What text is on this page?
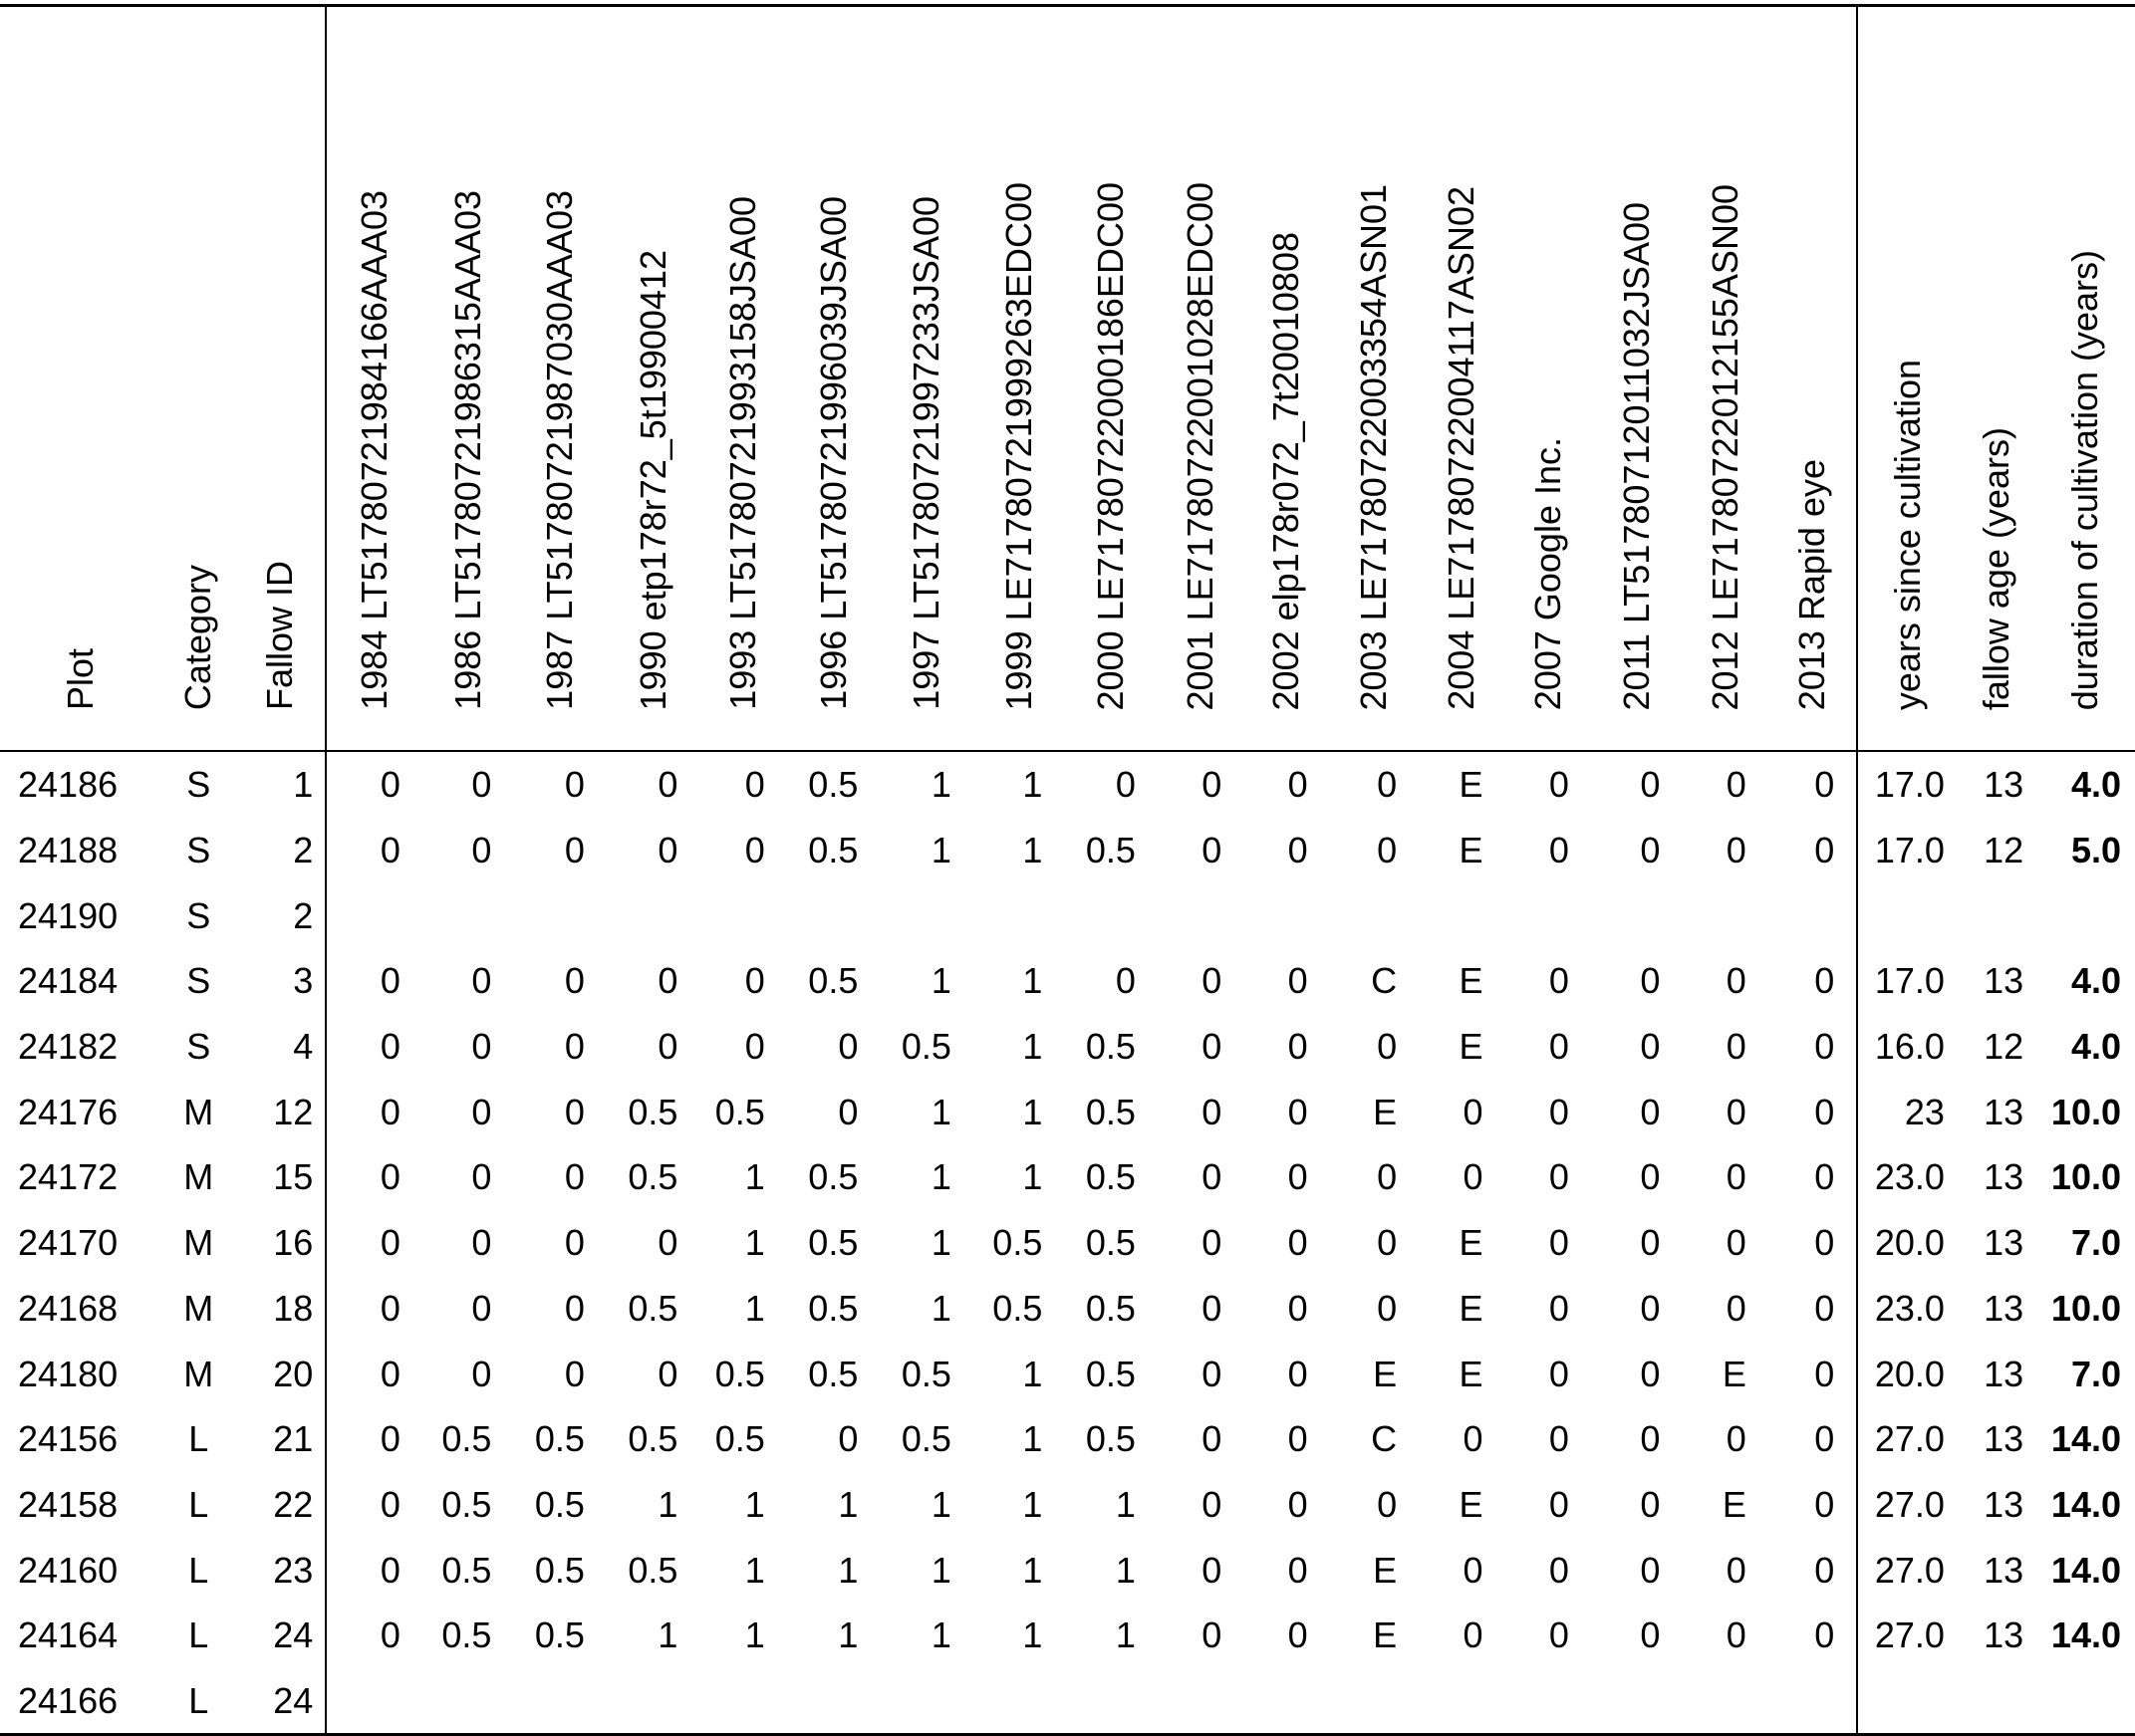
Plot	Category	Fallow ID	1984 LT51780721984166AAA03	1986 LT51780721986315AAA03	1987 LT51780721987030AAA03	1990 etp178r72_5t19900412	1993 LT51780721993158JSA00	1996 LT51780721996039JSA00	1997 LT51780721997233JSA00	1999 LE71780721999263EDC00	2000 LE71780722000186EDC00	2001 LE71780722001028EDC00	2002 elp178r072_7t20010808	2003 LE71780722003354ASN01	2004 LE71780722004117ASN02	2007 Google Inc.	2011 LT51780712011032JSA00	2012 LE71780722012155ASN00	2013 Rapid eye	years since cultivation	fallow age (years)	duration of cultivation (years)

24186	S	1	0	0	0	0	0	0.5	1	1	0	0	0	0	E	0	0	0	0	17.0	13	4.0
24188	S	2	0	0	0	0	0	0.5	1	1	0.5	0	0	0	E	0	0	0	0	17.0	12	5.0
24190	S	2																				
24184	S	3	0	0	0	0	0	0.5	1	1	0	0	0	C	E	0	0	0	0	17.0	13	4.0
24182	S	4	0	0	0	0	0	0	0.5	1	0.5	0	0	0	E	0	0	0	0	16.0	12	4.0
24176	M	12	0	0	0	0.5	0.5	0	1	1	0.5	0	0	E	0	0	0	0	0	23	13	10.0
24172	M	15	0	0	0	0.5	1	0.5	1	1	0.5	0	0	0	0	0	0	0	0	23.0	13	10.0
24170	M	16	0	0	0	0	1	0.5	1	0.5	0.5	0	0	0	E	0	0	0	0	20.0	13	7.0
24168	M	18	0	0	0	0.5	1	0.5	1	0.5	0.5	0	0	0	E	0	0	0	0	23.0	13	10.0
24180	M	20	0	0	0	0	0.5	0.5	0.5	1	0.5	0	0	E	E	0	0	E	0	20.0	13	7.0
24156	L	21	0	0.5	0.5	0.5	0.5	0	0.5	1	0.5	0	0	C	0	0	0	0	0	27.0	13	14.0
24158	L	22	0	0.5	0.5	1	1	1	1	1	1	0	0	0	E	0	0	E	0	27.0	13	14.0
24160	L	23	0	0.5	0.5	0.5	1	1	1	1	1	0	0	E	0	0	0	0	0	27.0	13	14.0
24164	L	24	0	0.5	0.5	1	1	1	1	1	1	0	0	E	0	0	0	0	0	27.0	13	14.0
24166	L	24																				
